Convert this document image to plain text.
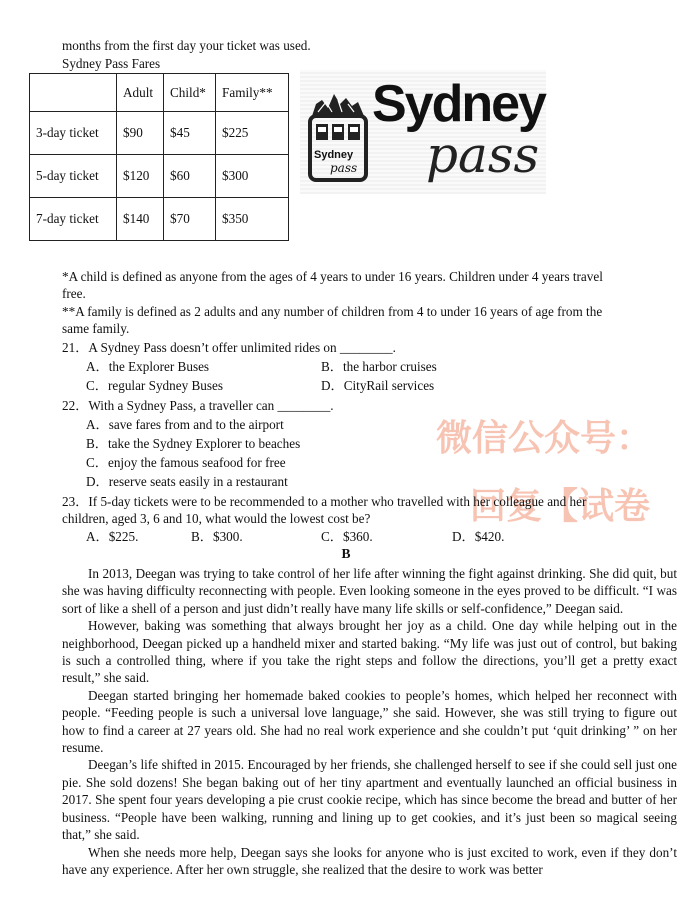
months from the first day your ticket was used.
Sydney Pass Fares
	Adult	Child*	Family**
3-day ticket	$90	$45	$225
5-day ticket	$120	$60	$300
7-day ticket	$140	$70	$350
Sydney
pass
Sydney
pass
*A child is defined as anyone from the ages of 4 years to under 16 years. Children under 4 years travel
free.
**A family is defined as 2 adults and any number of children from 4 to under 16 years of age from the
same family.
21．A Sydney Pass doesn’t offer unlimited rides on ________.
A．the Explorer Buses	B．the harbor cruises
C．regular Sydney Buses	D．CityRail services
22．With a Sydney Pass, a traveller can ________.
A．save fares from and to the airport
B．take the Sydney Explorer to beaches
C．enjoy the famous seafood for free
D．reserve seats easily in a restaurant
微信公众号：
回复【试卷
23．If 5-day tickets were to be recommended to a mother who travelled with her colleague and her
children, aged 3, 6 and 10, what would the lowest cost be?
A．$225.	B．$300.	C．$360.	D．$420.
B

In 2013, Deegan was trying to take control of her life after winning the fight against drinking. She did quit, but she was having difficulty reconnecting with people. Even looking someone in the eyes proved to be difficult. “I was sort of like a shell of a person and just didn’t really have many life skills or self-confidence,” Deegan said.

However, baking was something that always brought her joy as a child. One day while helping out in the neighborhood, Deegan picked up a handheld mixer and started baking. “My life was just out of control, but baking is such a controlled thing, where if you take the right steps and follow the directions, you’ll get a pretty exact result,” she said.

Deegan started bringing her homemade baked cookies to people’s homes, which helped her reconnect with people. “Feeding people is such a universal love language,” she said. However, she was still trying to figure out how to find a career at 27 years old. She had no real work experience and she couldn’t put ‘quit drinking’ ” on her resume.

Deegan’s life shifted in 2015. Encouraged by her friends, she challenged herself to see if she could sell just one pie. She sold dozens! She began baking out of her tiny apartment and eventually launched an official business in 2017. She spent four years developing a pie crust cookie recipe, which has since become the bread and butter of her business. “People have been walking, running and lining up to get cookies, and it’s just been so magical seeing that,” she said.

When she needs more help, Deegan says she looks for anyone who is just excited to work, even if they don’t have any experience. After her own struggle, she realized that the desire to work was better
